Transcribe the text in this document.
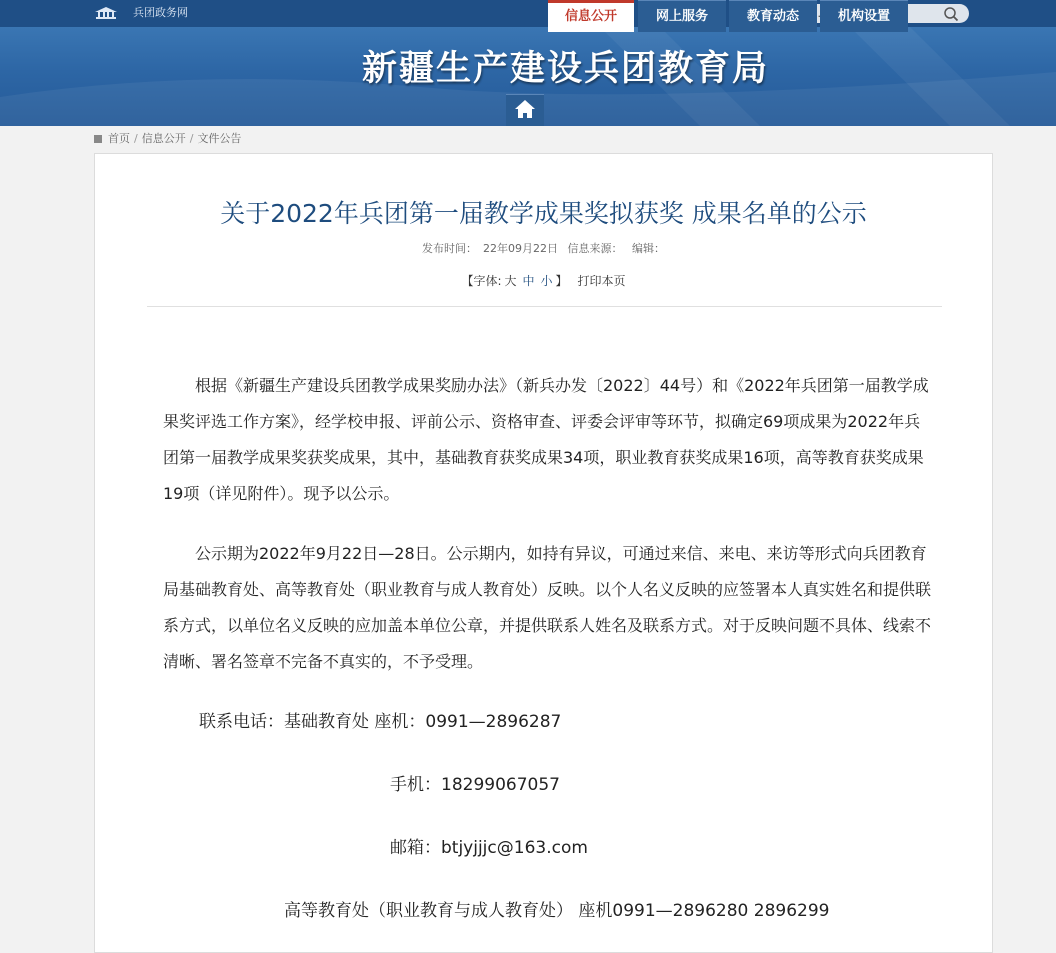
兵团政务网
请输入关键词......
新疆生产建设兵团教育局
信息公开	网上服务	教育动态	机构设置
首页 / 信息公开 / 文件公告
关于2022年兵团第一届教学成果奖拟获奖 成果名单的公示
发布时间： 22年09月22日 信息来源： 编辑：
【字体: 大 中 小 】 打印本页

根据《新疆生产建设兵团教学成果奖励办法》（新兵办发〔2022〕44号）和《2022年兵团第一届教学成果奖评选工作方案》，经学校申报、评前公示、资格审查、评委会评审等环节，拟确定69项成果为2022年兵团第一届教学成果奖获奖成果，其中，基础教育获奖成果34项，职业教育获奖成果16项，高等教育获奖成果19项（详见附件）。现予以公示。

公示期为2022年9月22日—28日。公示期内，如持有异议，可通过来信、来电、来访等形式向兵团教育局基础教育处、高等教育处（职业教育与成人教育处）反映。以个人名义反映的应签署本人真实姓名和提供联系方式，以单位名义反映的应加盖本单位公章，并提供联系人姓名及联系方式。对于反映问题不具体、线索不清晰、署名签章不完备不真实的，不予受理。

联系电话：基础教育处 座机：0991—2896287
手机：18299067057
邮箱：btjyjjjc@163.com
高等教育处（职业教育与成人教育处） 座机0991—2896280 2896299
